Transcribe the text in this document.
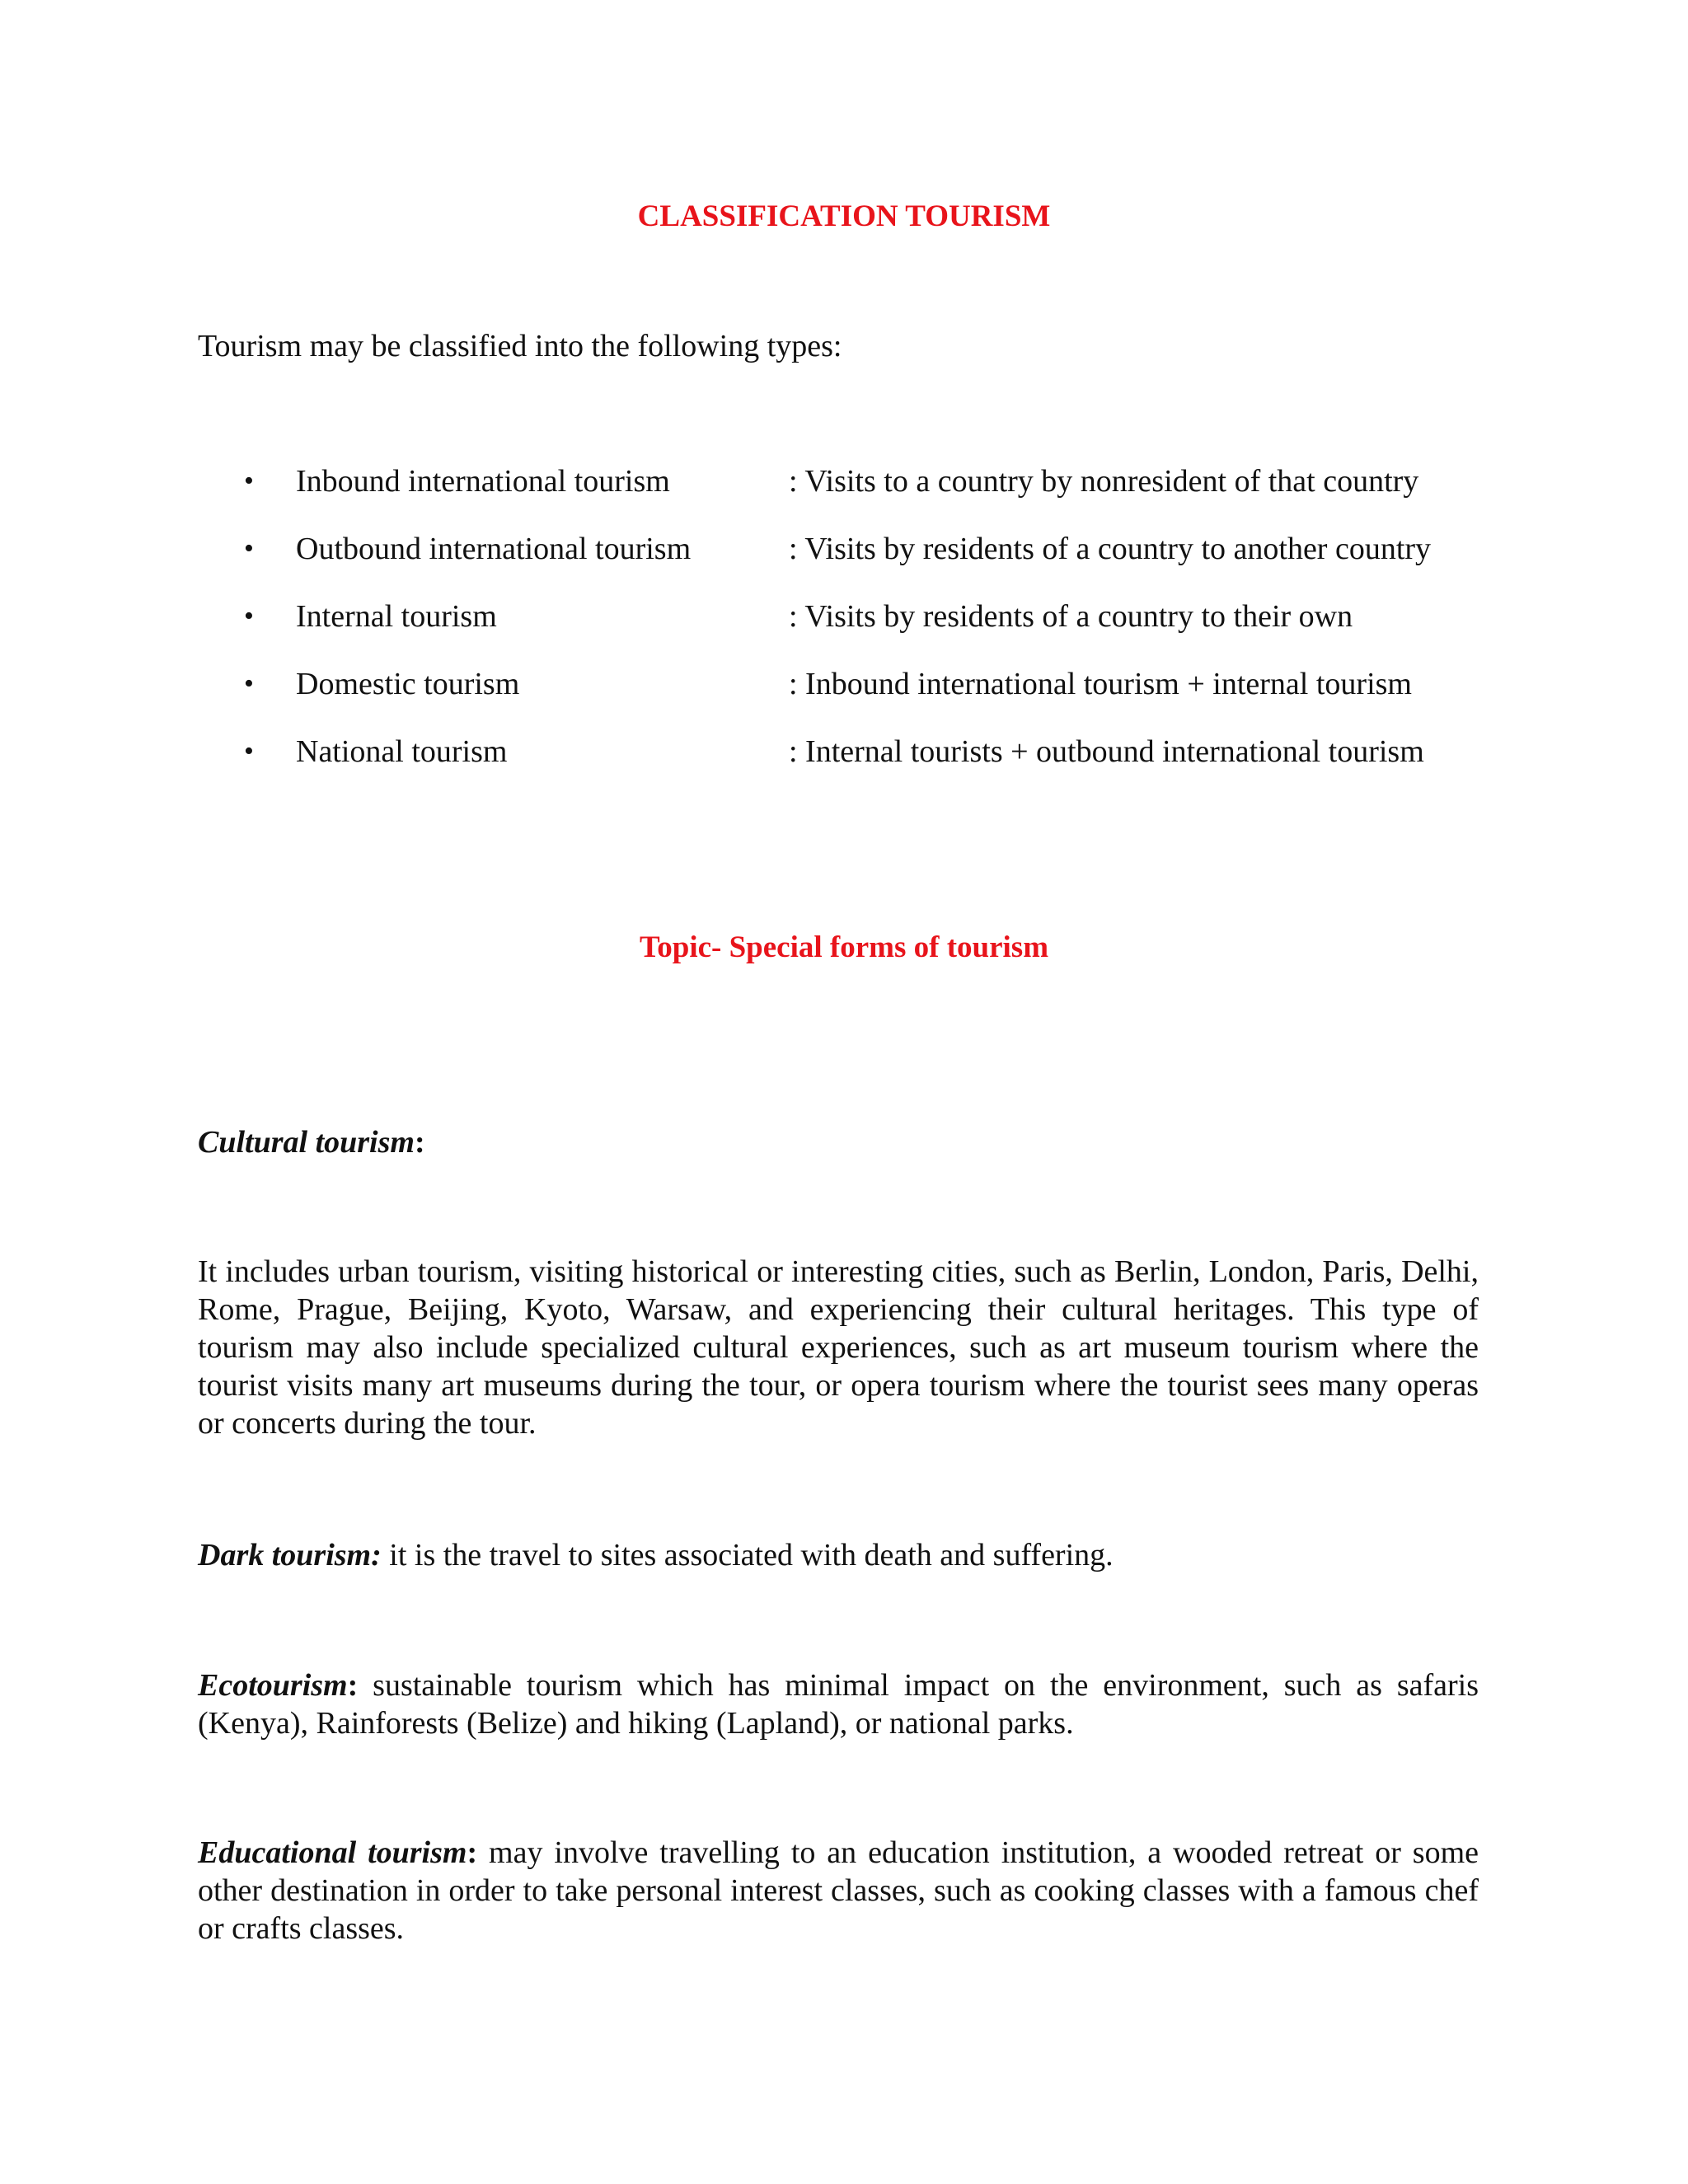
CLASSIFICATION TOURISM
Tourism may be classified into the following types:
• Inbound international tourism	: Visits to a country by nonresident of that country
• Outbound international tourism	: Visits by residents of a country to another country
• Internal tourism	: Visits by residents of a country to their own
• Domestic tourism	: Inbound international tourism + internal tourism
• National tourism	: Internal tourists + outbound international tourism
Topic- Special forms of tourism

Cultural tourism:

It includes urban tourism, visiting historical or interesting cities, such as Berlin, London, Paris, Delhi, Rome, Prague, Beijing, Kyoto, Warsaw, and experiencing their cultural heritages. This type of tourism may also include specialized cultural experiences, such as art museum tourism where the tourist visits many art museums during the tour, or opera tourism where the tourist sees many operas or concerts during the tour.

Dark tourism: it is the travel to sites associated with death and suffering.

Ecotourism: sustainable tourism which has minimal impact on the environment, such as safaris (Kenya), Rainforests (Belize) and hiking (Lapland), or national parks.

Educational tourism: may involve travelling to an education institution, a wooded retreat or some other destination in order to take personal interest classes, such as cooking classes with a famous chef or crafts classes.
